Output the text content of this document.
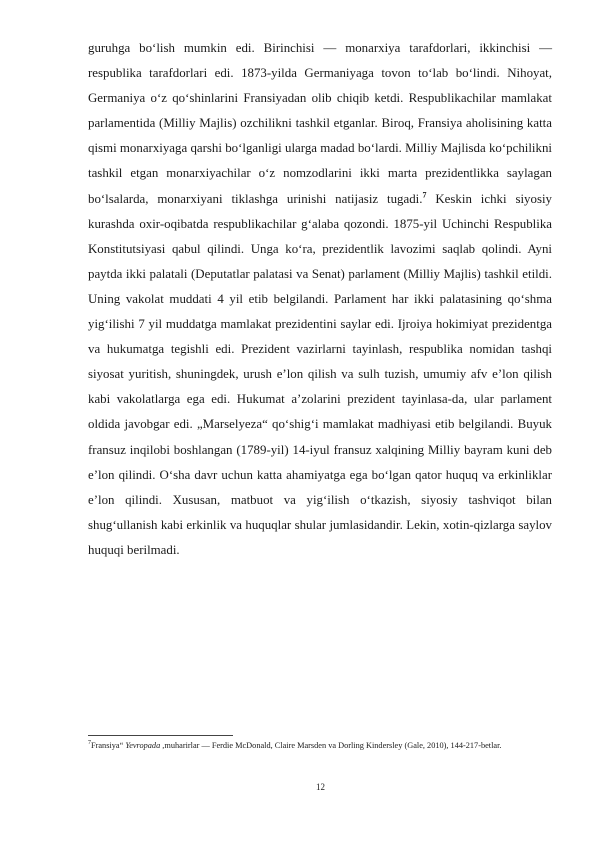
guruhga bo‘lish mumkin edi. Birinchisi — monarxiya tarafdorlari, ikkinchisi — respublika tarafdorlari edi. 1873-yilda Germaniyaga tovon to‘lab bo‘lindi. Nihoyat, Germaniya o‘z qo‘shinlarini Fransiyadan olib chiqib ketdi. Respublikachilar mamlakat parlamentida (Milliy Majlis) ozchilikni tashkil etganlar. Biroq, Fransiya aholisining katta qismi monarxiyaga qarshi bo‘lganligi ularga madad bo‘lardi. Milliy Majlisda ko‘pchilikni tashkil etgan monarxiyachilar o‘z nomzodlarini ikki marta prezidentlikka saylagan bo‘lsalarda, monarxiyani tiklashga urinishi natijasiz tugadi.$^7$ Keskin ichki siyosiy kurashda oxir-oqibatda respublikachilar g‘alaba qozondi. 1875-yil Uchinchi Respublika Konstitutsiyasi qabul qilindi. Unga ko‘ra, prezidentlik lavozimi saqlab qolindi. Ayni paytda ikki palatali (Deputatlar palatasi va Senat) parlament (Milliy Majlis) tashkil etildi. Uning vakolat muddati 4 yil etib belgilandi. Parlament har ikki palatasining qo‘shma yig‘ilishi 7 yil muddatga mamlakat prezidentini saylar edi. Ijroiya hokimiyat prezidentga va hukumatga tegishli edi. Prezident vazirlarni tayinlash, respublika nomidan tashqi siyosat yuritish, shuningdek, urush e’lon qilish va sulh tuzish, umumiy afv e’lon qilish kabi vakolatlarga ega edi. Hukumat a’zolarini prezident tayinlasa-da, ular parlament oldida javobgar edi. „Marselyeza“ qo‘shig‘i mamlakat madhiyasi etib belgilandi. Buyuk fransuz inqilobi boshlangan (1789-yil) 14-iyul fransuz xalqining Milliy bayram kuni deb e’lon qilindi. O‘sha davr uchun katta ahamiyatga ega bo‘lgan qator huquq va erkinliklar e’lon qilindi. Xususan, matbuot va yig‘ilish o‘tkazish, siyosiy tashviqot bilan shug‘ullanish kabi erkinlik va huquqlar shular jumlasidandir. Lekin, xotin-qizlarga saylov huquqi berilmadi.

$^7$Fransiya“ Yevropada ,muharirlar — Ferdie McDonald, Claire Marsden va Dorling Kindersley (Gale, 2010), 144-217-betlar.

12
